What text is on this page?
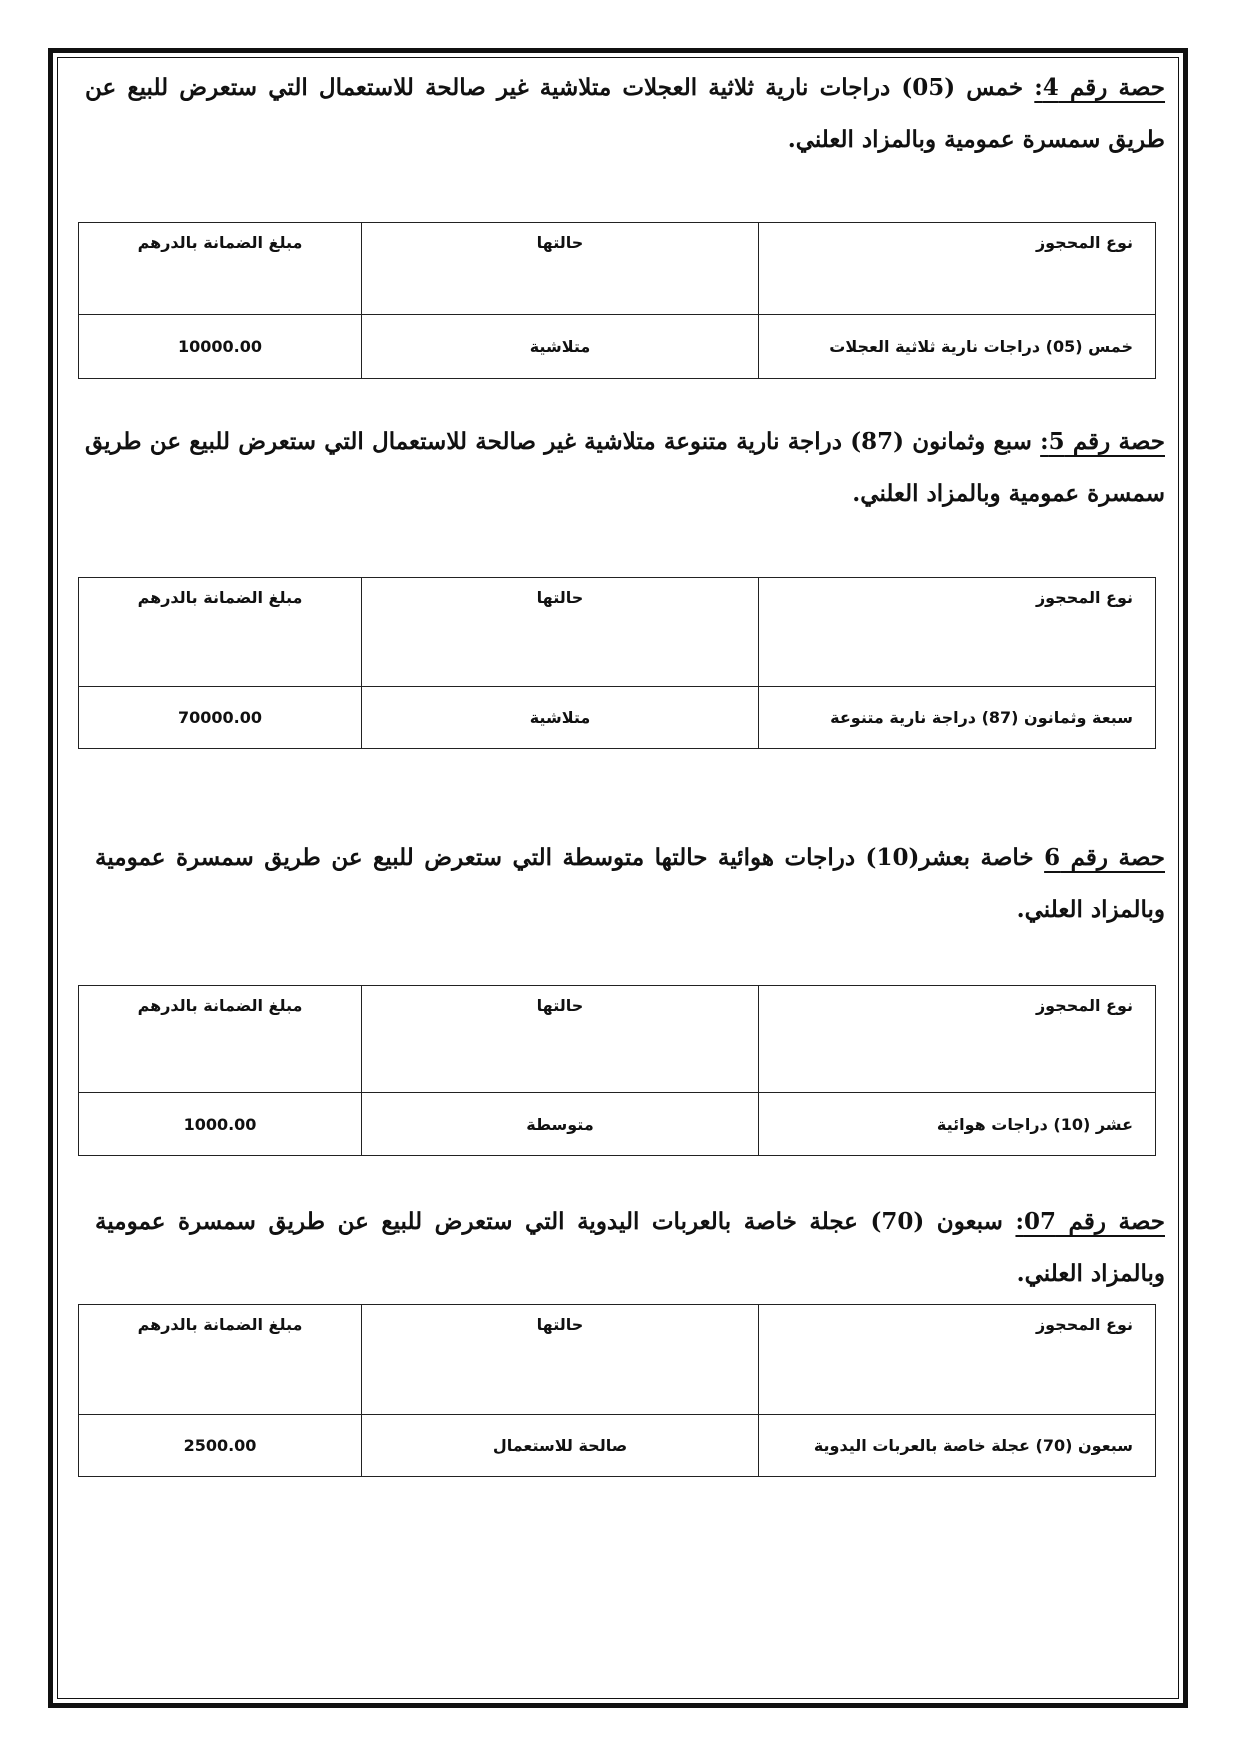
حصة رقم 4: خمس (05) دراجات نارية ثلاثية العجلات متلاشية غير صالحة للاستعمال التي ستعرض للبيع عن طريق سمسرة عمومية وبالمزاد العلني.

نوع المحجوز	حالتها	مبلغ الضمانة بالدرهم
خمس (05) دراجات نارية ثلاثية العجلات	متلاشية	10000.00

حصة رقم 5: سبع وثمانون (87) دراجة نارية متنوعة متلاشية غير صالحة للاستعمال التي ستعرض للبيع عن طريق سمسرة عمومية وبالمزاد العلني.

نوع المحجوز	حالتها	مبلغ الضمانة بالدرهم
سبعة وثمانون (87) دراجة نارية متنوعة	متلاشية	70000.00

حصة رقم 6 خاصة بعشر(10) دراجات هوائية حالتها متوسطة التي ستعرض للبيع عن طريق سمسرة عمومية وبالمزاد العلني.

نوع المحجوز	حالتها	مبلغ الضمانة بالدرهم
عشر (10) دراجات هوائية	متوسطة	1000.00

حصة رقم 07: سبعون (70) عجلة خاصة بالعربات اليدوية التي ستعرض للبيع عن طريق سمسرة عمومية وبالمزاد العلني.

نوع المحجوز	حالتها	مبلغ الضمانة بالدرهم
سبعون (70) عجلة خاصة بالعربات اليدوية	صالحة للاستعمال	2500.00
